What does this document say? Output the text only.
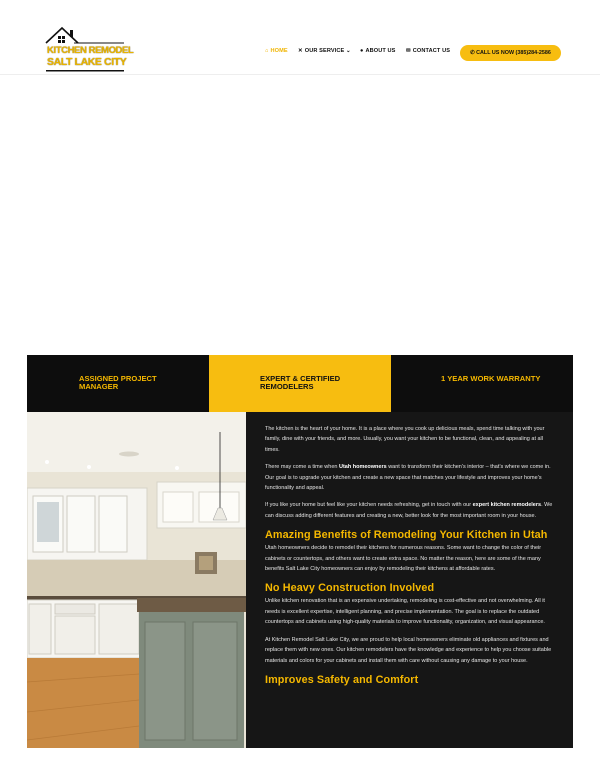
KITCHEN REMODEL
SALT LAKE CITY
⌂ HOME ✕ OUR SERVICE ⌄ ● ABOUT US ✉ CONTACT US	✆ CALL US NOW (385)284-2586
ASSIGNED PROJECT MANAGER
EXPERT & CERTIFIED REMODELERS
1 YEAR WORK WARRANTY

The kitchen is the heart of your home. It is a place where you cook up delicious meals, spend time talking with your family, dine with your friends, and more. Usually, you want your kitchen to be functional, clean, and appealing at all times.

There may come a time when Utah homeowners want to transform their kitchen’s interior – that’s where we come in. Our goal is to upgrade your kitchen and create a new space that matches your lifestyle and improves your home’s functionality and appeal.

If you like your home but feel like your kitchen needs refreshing, get in touch with our expert kitchen remodelers. We can discuss adding different features and creating a new, better look for the most important room in your house.

Amazing Benefits of Remodeling Your Kitchen in Utah

Utah homeowners decide to remodel their kitchens for numerous reasons. Some want to change the color of their cabinets or countertops, and others want to create extra space. No matter the reason, here are some of the many benefits Salt Lake City homeowners can enjoy by remodeling their kitchens at affordable rates.

No Heavy Construction Involved

Unlike kitchen renovation that is an expensive undertaking, remodeling is cost-effective and not overwhelming. All it needs is excellent expertise, intelligent planning, and precise implementation. The goal is to replace the outdated countertops and cabinets using high-quality materials to improve functionality, organization, and visual appearance.

At Kitchen Remodel Salt Lake City, we are proud to help local homeowners eliminate old appliances and fixtures and replace them with new ones. Our kitchen remodelers have the knowledge and experience to help you choose suitable materials and colors for your cabinets and install them with care without causing any damage to your house.

Improves Safety and Comfort
